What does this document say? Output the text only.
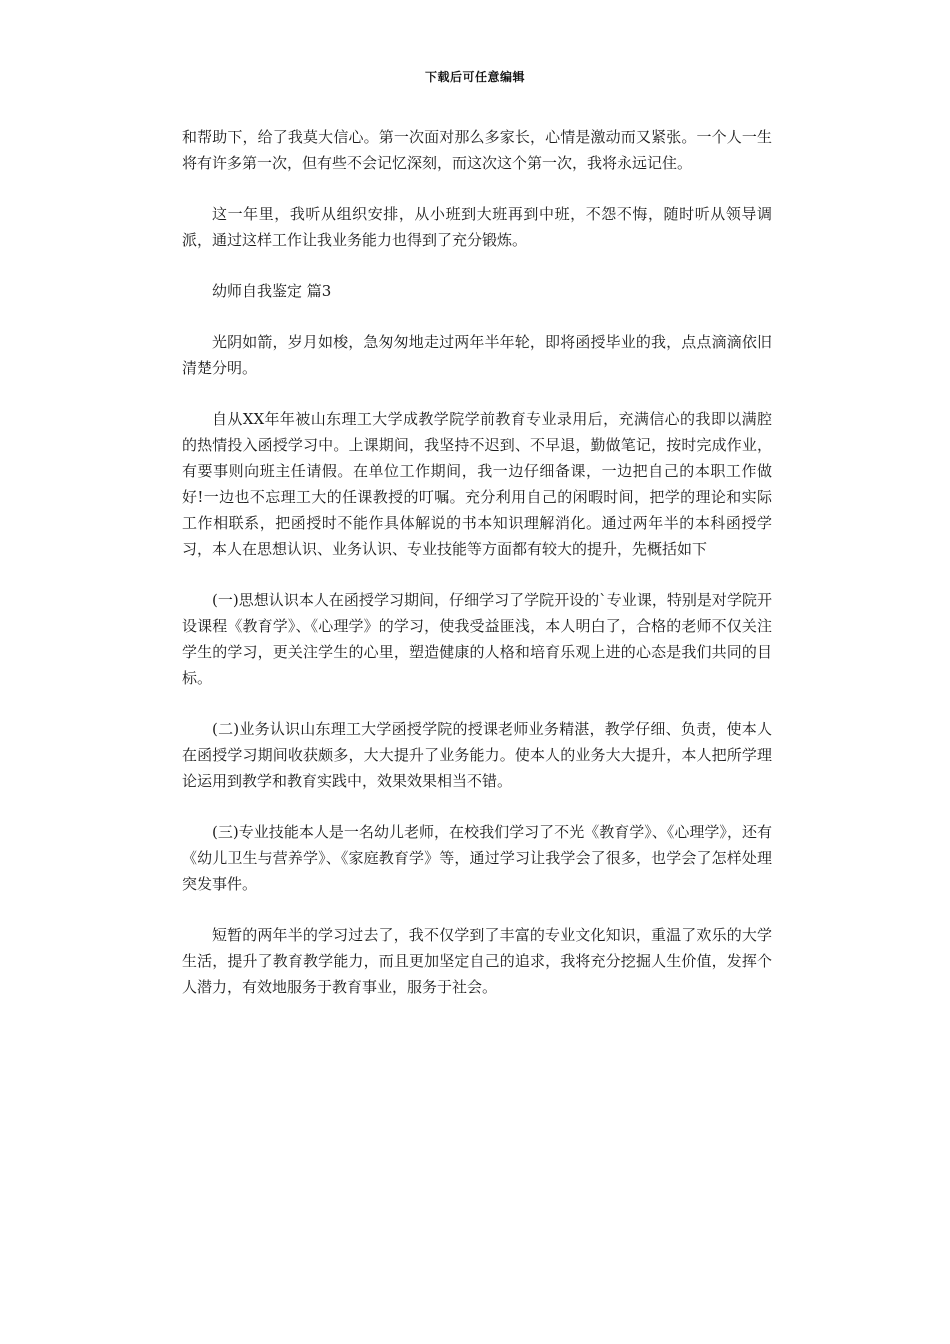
下载后可任意编辑

和帮助下，给了我莫大信心。第一次面对那么多家长，心情是激动而又紧张。一个人一生将有许多第一次，但有些不会记忆深刻，而这次这个第一次，我将永远记住。

这一年里，我听从组织安排，从小班到大班再到中班，不怨不悔，随时听从领导调派，通过这样工作让我业务能力也得到了充分锻炼。

幼师自我鉴定 篇3

光阴如箭，岁月如梭，急匆匆地走过两年半年轮，即将函授毕业的我，点点滴滴依旧清楚分明。

自从XX年年被山东理工大学成教学院学前教育专业录用后，充满信心的我即以满腔的热情投入函授学习中。上课期间，我坚持不迟到、不早退，勤做笔记，按时完成作业，有要事则向班主任请假。在单位工作期间，我一边仔细备课，一边把自己的本职工作做好!一边也不忘理工大的任课教授的叮嘱。充分利用自己的闲暇时间，把学的理论和实际工作相联系，把函授时不能作具体解说的书本知识理解消化。通过两年半的本科函授学习，本人在思想认识、业务认识、专业技能等方面都有较大的提升，先概括如下

(一)思想认识本人在函授学习期间，仔细学习了学院开设的`专业课，特别是对学院开设课程《教育学》、《心理学》的学习，使我受益匪浅，本人明白了，合格的老师不仅关注学生的学习，更关注学生的心里，塑造健康的人格和培育乐观上进的心态是我们共同的目标。

(二)业务认识山东理工大学函授学院的授课老师业务精湛，教学仔细、负责，使本人在函授学习期间收获颇多，大大提升了业务能力。使本人的业务大大提升，本人把所学理论运用到教学和教育实践中，效果效果相当不错。

(三)专业技能本人是一名幼儿老师，在校我们学习了不光《教育学》、《心理学》，还有《幼儿卫生与营养学》、《家庭教育学》等，通过学习让我学会了很多，也学会了怎样处理突发事件。

短暂的两年半的学习过去了，我不仅学到了丰富的专业文化知识，重温了欢乐的大学生活，提升了教育教学能力，而且更加坚定自己的追求，我将充分挖掘人生价值，发挥个人潜力，有效地服务于教育事业，服务于社会。
